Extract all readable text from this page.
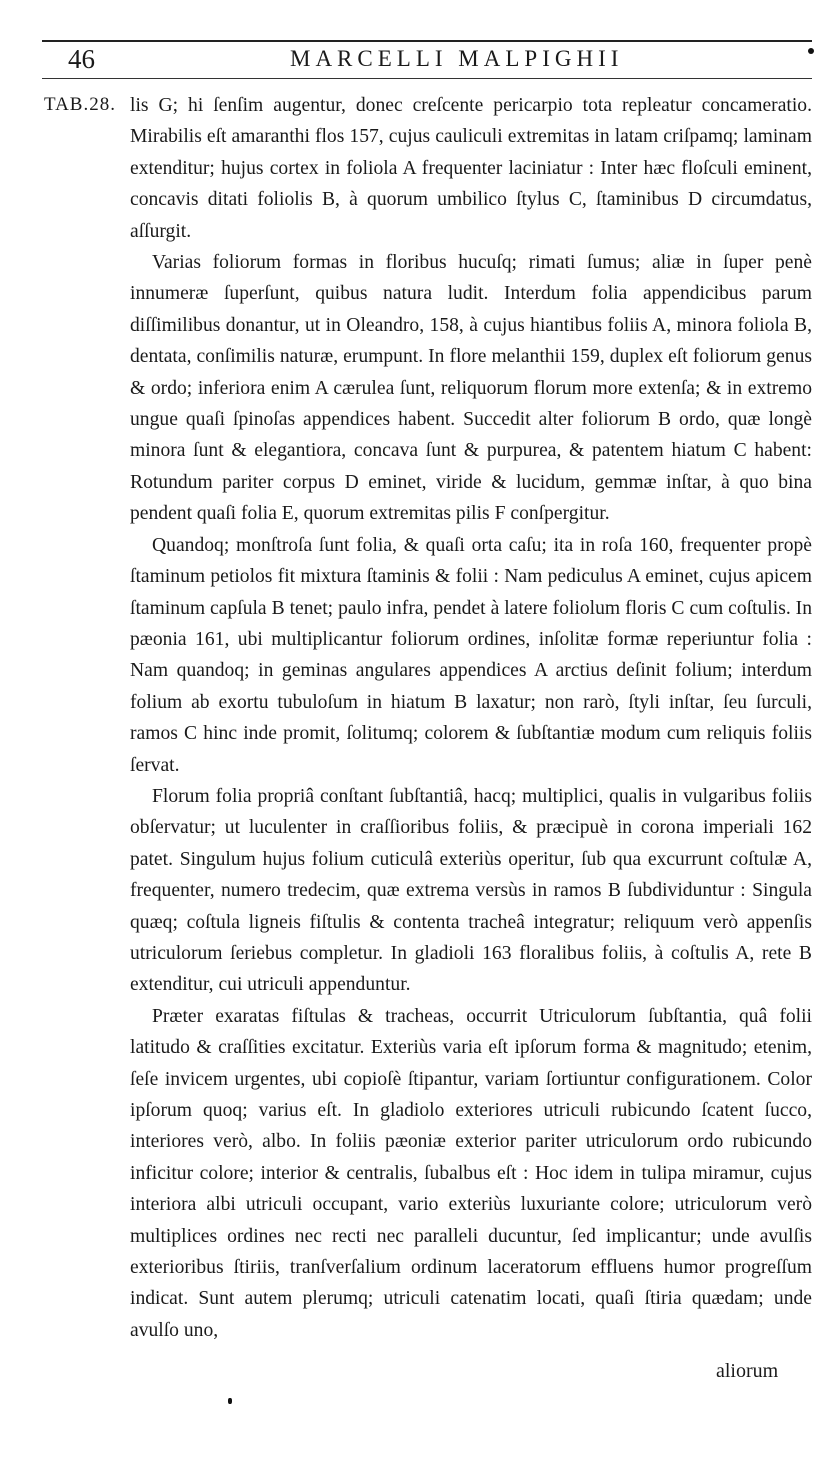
46	MARCELLI MALPIGHII
TAB.28. lis G; hi ſenſim augentur, donec creſcente pericarpio tota repleatur concameratio. Mirabilis eſt amaranthi flos 157, cujus cauliculi extremitas in latam criſpamq; laminam extenditur; hujus cortex in foliola A frequenter laciniatur : Inter hæc floſculi eminent, concavis ditati foliolis B, à quorum umbilico ſtylus C, ſtaminibus D circumdatus, aſſurgit.

Varias foliorum formas in floribus hucuſq; rimati ſumus; aliæ in ſuper penè innumeræ ſuperſunt, quibus natura ludit. Interdum folia appendicibus parum diſſimilibus donantur, ut in Oleandro, 158, à cujus hiantibus foliis A, minora foliola B, dentata, conſimilis naturæ, erumpunt. In flore melanthii 159, duplex eſt foliorum genus & ordo; inferiora enim A cærulea ſunt, reliquorum florum more extenſa; & in extremo ungue quaſi ſpinoſas appendices habent. Succedit alter foliorum B ordo, quæ longè minora ſunt & elegantiora, concava ſunt & purpurea, & patentem hiatum C habent: Rotundum pariter corpus D eminet, viride & lucidum, gemmæ inſtar, à quo bina pendent quaſi folia E, quorum extremitas pilis F conſpergitur.

Quandoq; monſtroſa ſunt folia, & quaſi orta caſu; ita in roſa 160, frequenter propè ſtaminum petiolos fit mixtura ſtaminis & folii : Nam pediculus A eminet, cujus apicem ſtaminum capſula B tenet; paulo infra, pendet à latere foliolum floris C cum coſtulis. In pæonia 161, ubi multiplicantur foliorum ordines, inſolitæ formæ reperiuntur folia : Nam quandoq; in geminas angulares appendices A arctius deſinit folium; interdum folium ab exortu tubuloſum in hiatum B laxatur; non rarò, ſtyli inſtar, ſeu ſurculi, ramos C hinc inde promit, ſolitumq; colorem & ſubſtantiæ modum cum reliquis foliis ſervat.

Florum folia propriâ conſtant ſubſtantiâ, hacq; multiplici, qualis in vulgaribus foliis obſervatur; ut luculenter in craſſioribus foliis, & præcipuè in corona imperiali 162 patet. Singulum hujus folium cuticulâ exteriùs operitur, ſub qua excurrunt coſtulæ A, frequenter, numero tredecim, quæ extrema versùs in ramos B ſubdividuntur : Singula quæq; coſtula ligneis fiſtulis & contenta tracheâ integratur; reliquum verò appenſis utriculorum ſeriebus completur. In gladioli 163 floralibus foliis, à coſtulis A, rete B extenditur, cui utriculi appenduntur.

Præter exaratas fiſtulas & tracheas, occurrit Utriculorum ſubſtantia, quâ folii latitudo & craſſities excitatur. Exteriùs varia eſt ipſorum forma & magnitudo; etenim, ſeſe invicem urgentes, ubi copioſè ſtipantur, variam ſortiuntur configurationem. Color ipſorum quoq; varius eſt. In gladiolo exteriores utriculi rubicundo ſcatent ſucco, interiores verò, albo. In foliis pæoniæ exterior pariter utriculorum ordo rubicundo inficitur colore; interior & centralis, ſubalbus eſt : Hoc idem in tulipa miramur, cujus interiora albi utriculi occupant, vario exteriùs luxuriante colore; utriculorum verò multiplices ordines nec recti nec paralleli ducuntur, ſed implicantur; unde avulſis exterioribus ſtiriis, tranſverſalium ordinum laceratorum effluens humor progreſſum indicat. Sunt autem plerumq; utriculi catenatim locati, quaſi ſtiria quædam; unde avulſo uno,

aliorum
